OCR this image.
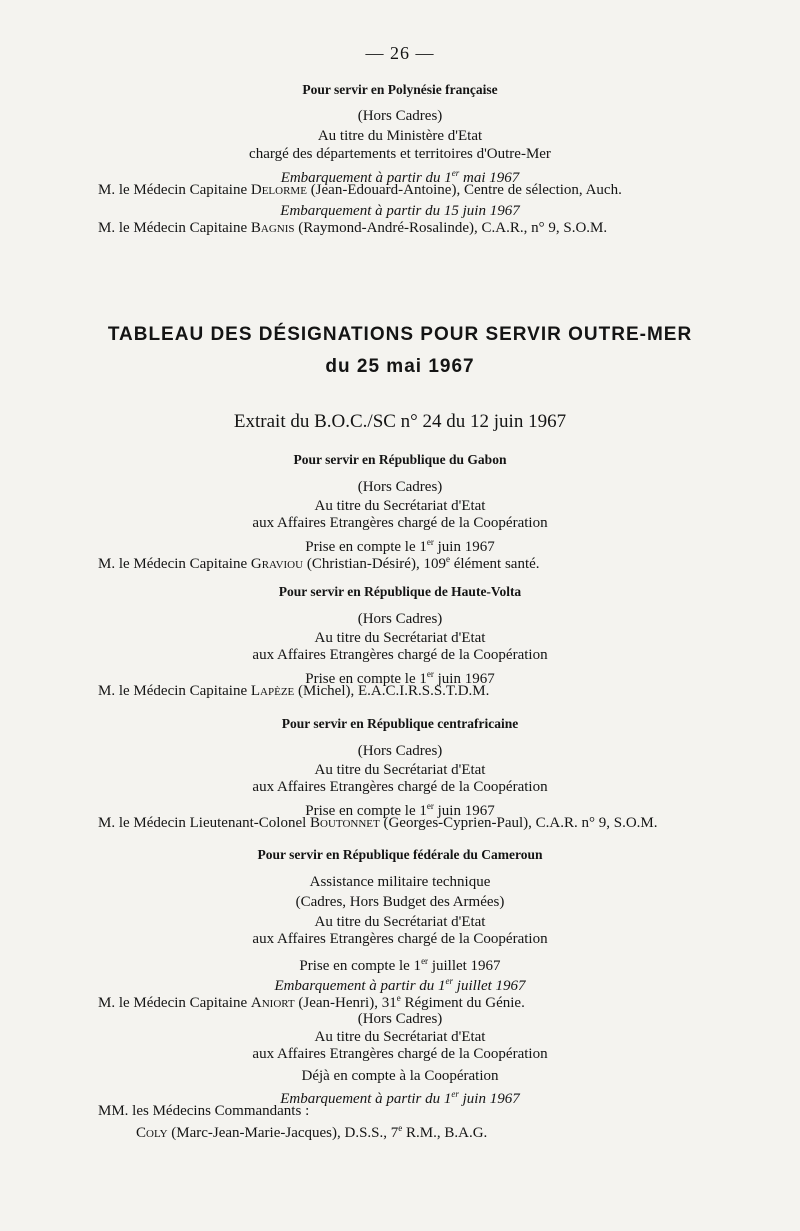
— 26 —
Pour servir en Polynésie française
(Hors Cadres)
Au titre du Ministère d'Etat
chargé des départements et territoires d'Outre-Mer
Embarquement à partir du 1er mai 1967
M. le Médecin Capitaine Delorme (Jean-Edouard-Antoine), Centre de sélection, Auch.
Embarquement à partir du 15 juin 1967
M. le Médecin Capitaine Bagnis (Raymond-André-Rosalinde), C.A.R., n° 9, S.O.M.
TABLEAU DES DÉSIGNATIONS POUR SERVIR OUTRE-MER
du 25 mai 1967
Extrait du B.O.C./SC n° 24 du 12 juin 1967
Pour servir en République du Gabon
(Hors Cadres)
Au titre du Secrétariat d'Etat
aux Affaires Etrangères chargé de la Coopération
Prise en compte le 1er juin 1967
M. le Médecin Capitaine Graviou (Christian-Désiré), 109e élément santé.
Pour servir en République de Haute-Volta
(Hors Cadres)
Au titre du Secrétariat d'Etat
aux Affaires Etrangères chargé de la Coopération
Prise en compte le 1er juin 1967
M. le Médecin Capitaine Lapèze (Michel), E.A.C.I.R.S.S.T.D.M.
Pour servir en République centrafricaine
(Hors Cadres)
Au titre du Secrétariat d'Etat
aux Affaires Etrangères chargé de la Coopération
Prise en compte le 1er juin 1967
M. le Médecin Lieutenant-Colonel Boutonnet (Georges-Cyprien-Paul), C.A.R. n° 9, S.O.M.
Pour servir en République fédérale du Cameroun
Assistance militaire technique
(Cadres, Hors Budget des Armées)
Au titre du Secrétariat d'Etat
aux Affaires Etrangères chargé de la Coopération
Prise en compte le 1er juillet 1967
Embarquement à partir du 1er juillet 1967
M. le Médecin Capitaine Aniort (Jean-Henri), 31e Régiment du Génie.
(Hors Cadres)
Au titre du Secrétariat d'Etat
aux Affaires Etrangères chargé de la Coopération
Déjà en compte à la Coopération
Embarquement à partir du 1er juin 1967
MM. les Médecins Commandants :
Coly (Marc-Jean-Marie-Jacques), D.S.S., 7e R.M., B.A.G.
